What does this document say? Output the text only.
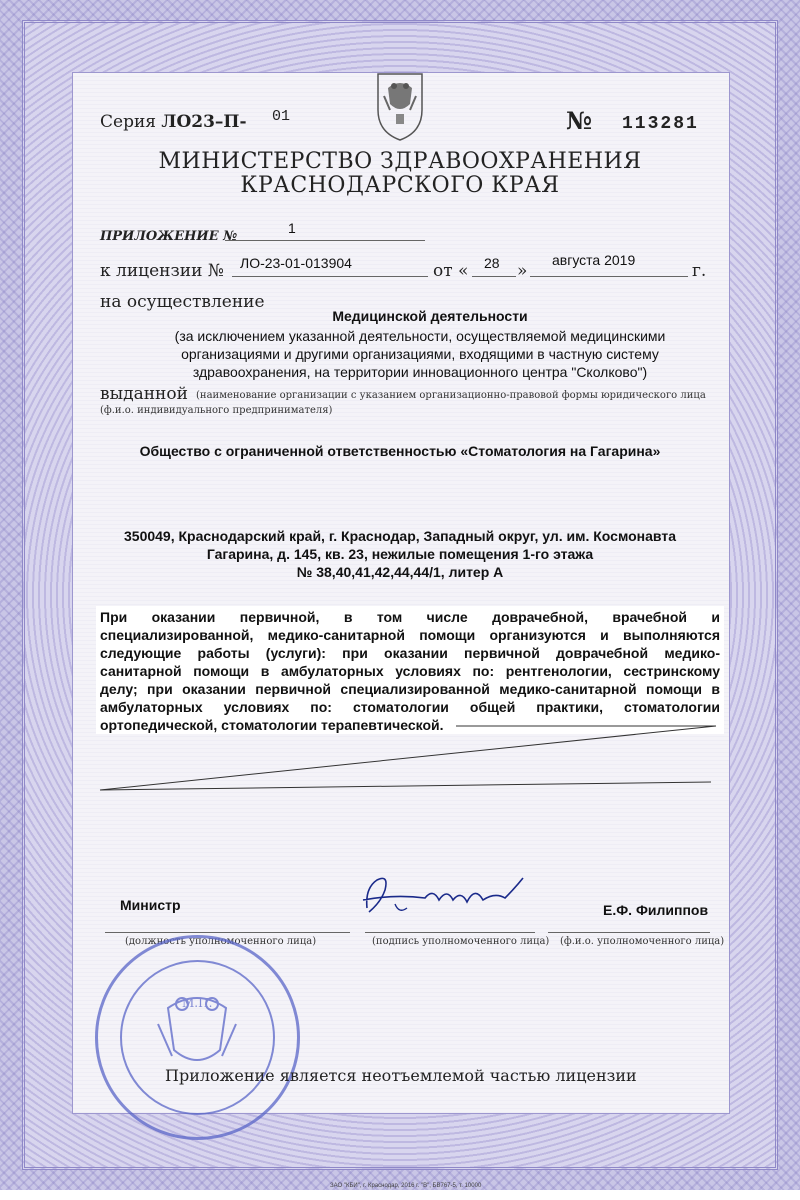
Серия ЛО23–П- 01	№ 113281
МИНИСТЕРСТВО ЗДРАВООХРАНЕНИЯ
КРАСНОДАРСКОГО КРАЯ
ПРИЛОЖЕНИЕ №
1
к лицензии № ЛО-23-01-013904	от « 28 »
августа 2019
г.
на осуществление
Медицинской деятельности
(за исключением указанной деятельности, осуществляемой медицинскими
организациями и другими организациями, входящими в частную систему
здравоохранения, на территории инновационного центра "Сколково")
выданной (наименование организации с указанием организационно-правовой формы юридического лица
(ф.и.о. индивидуального предпринимателя)
Общество с ограниченной ответственностью «Стоматология на Гагарина»
350049, Краснодарский край, г. Краснодар, Западный округ, ул. им. Космонавта
Гагарина, д. 145, кв. 23, нежилые помещения 1-го этажа
№ 38,40,41,42,44,44/1, литер А
При оказании первичной, в том числе доврачебной, врачебной и
специализированной, медико-санитарной помощи организуются и выполняются
следующие работы (услуги): при оказании первичной доврачебной медико-
санитарной помощи в амбулаторных условиях по: рентгенологии, сестринскому
делу; при оказании первичной специализированной медико-санитарной помощи в
амбулаторных условиях по: стоматологии общей практики, стоматологии
ортопедической, стоматологии терапевтической.
Министр
(должность уполномоченного лица)	(подпись уполномоченного лица)
Е.Ф. Филиппов
(ф.и.о. уполномоченного лица)
М.П.
Приложение является неотъемлемой частью лицензии
ЗАО "КБИ", г. Краснодар, 2016 г. "В", БВ767-5, т. 10000
